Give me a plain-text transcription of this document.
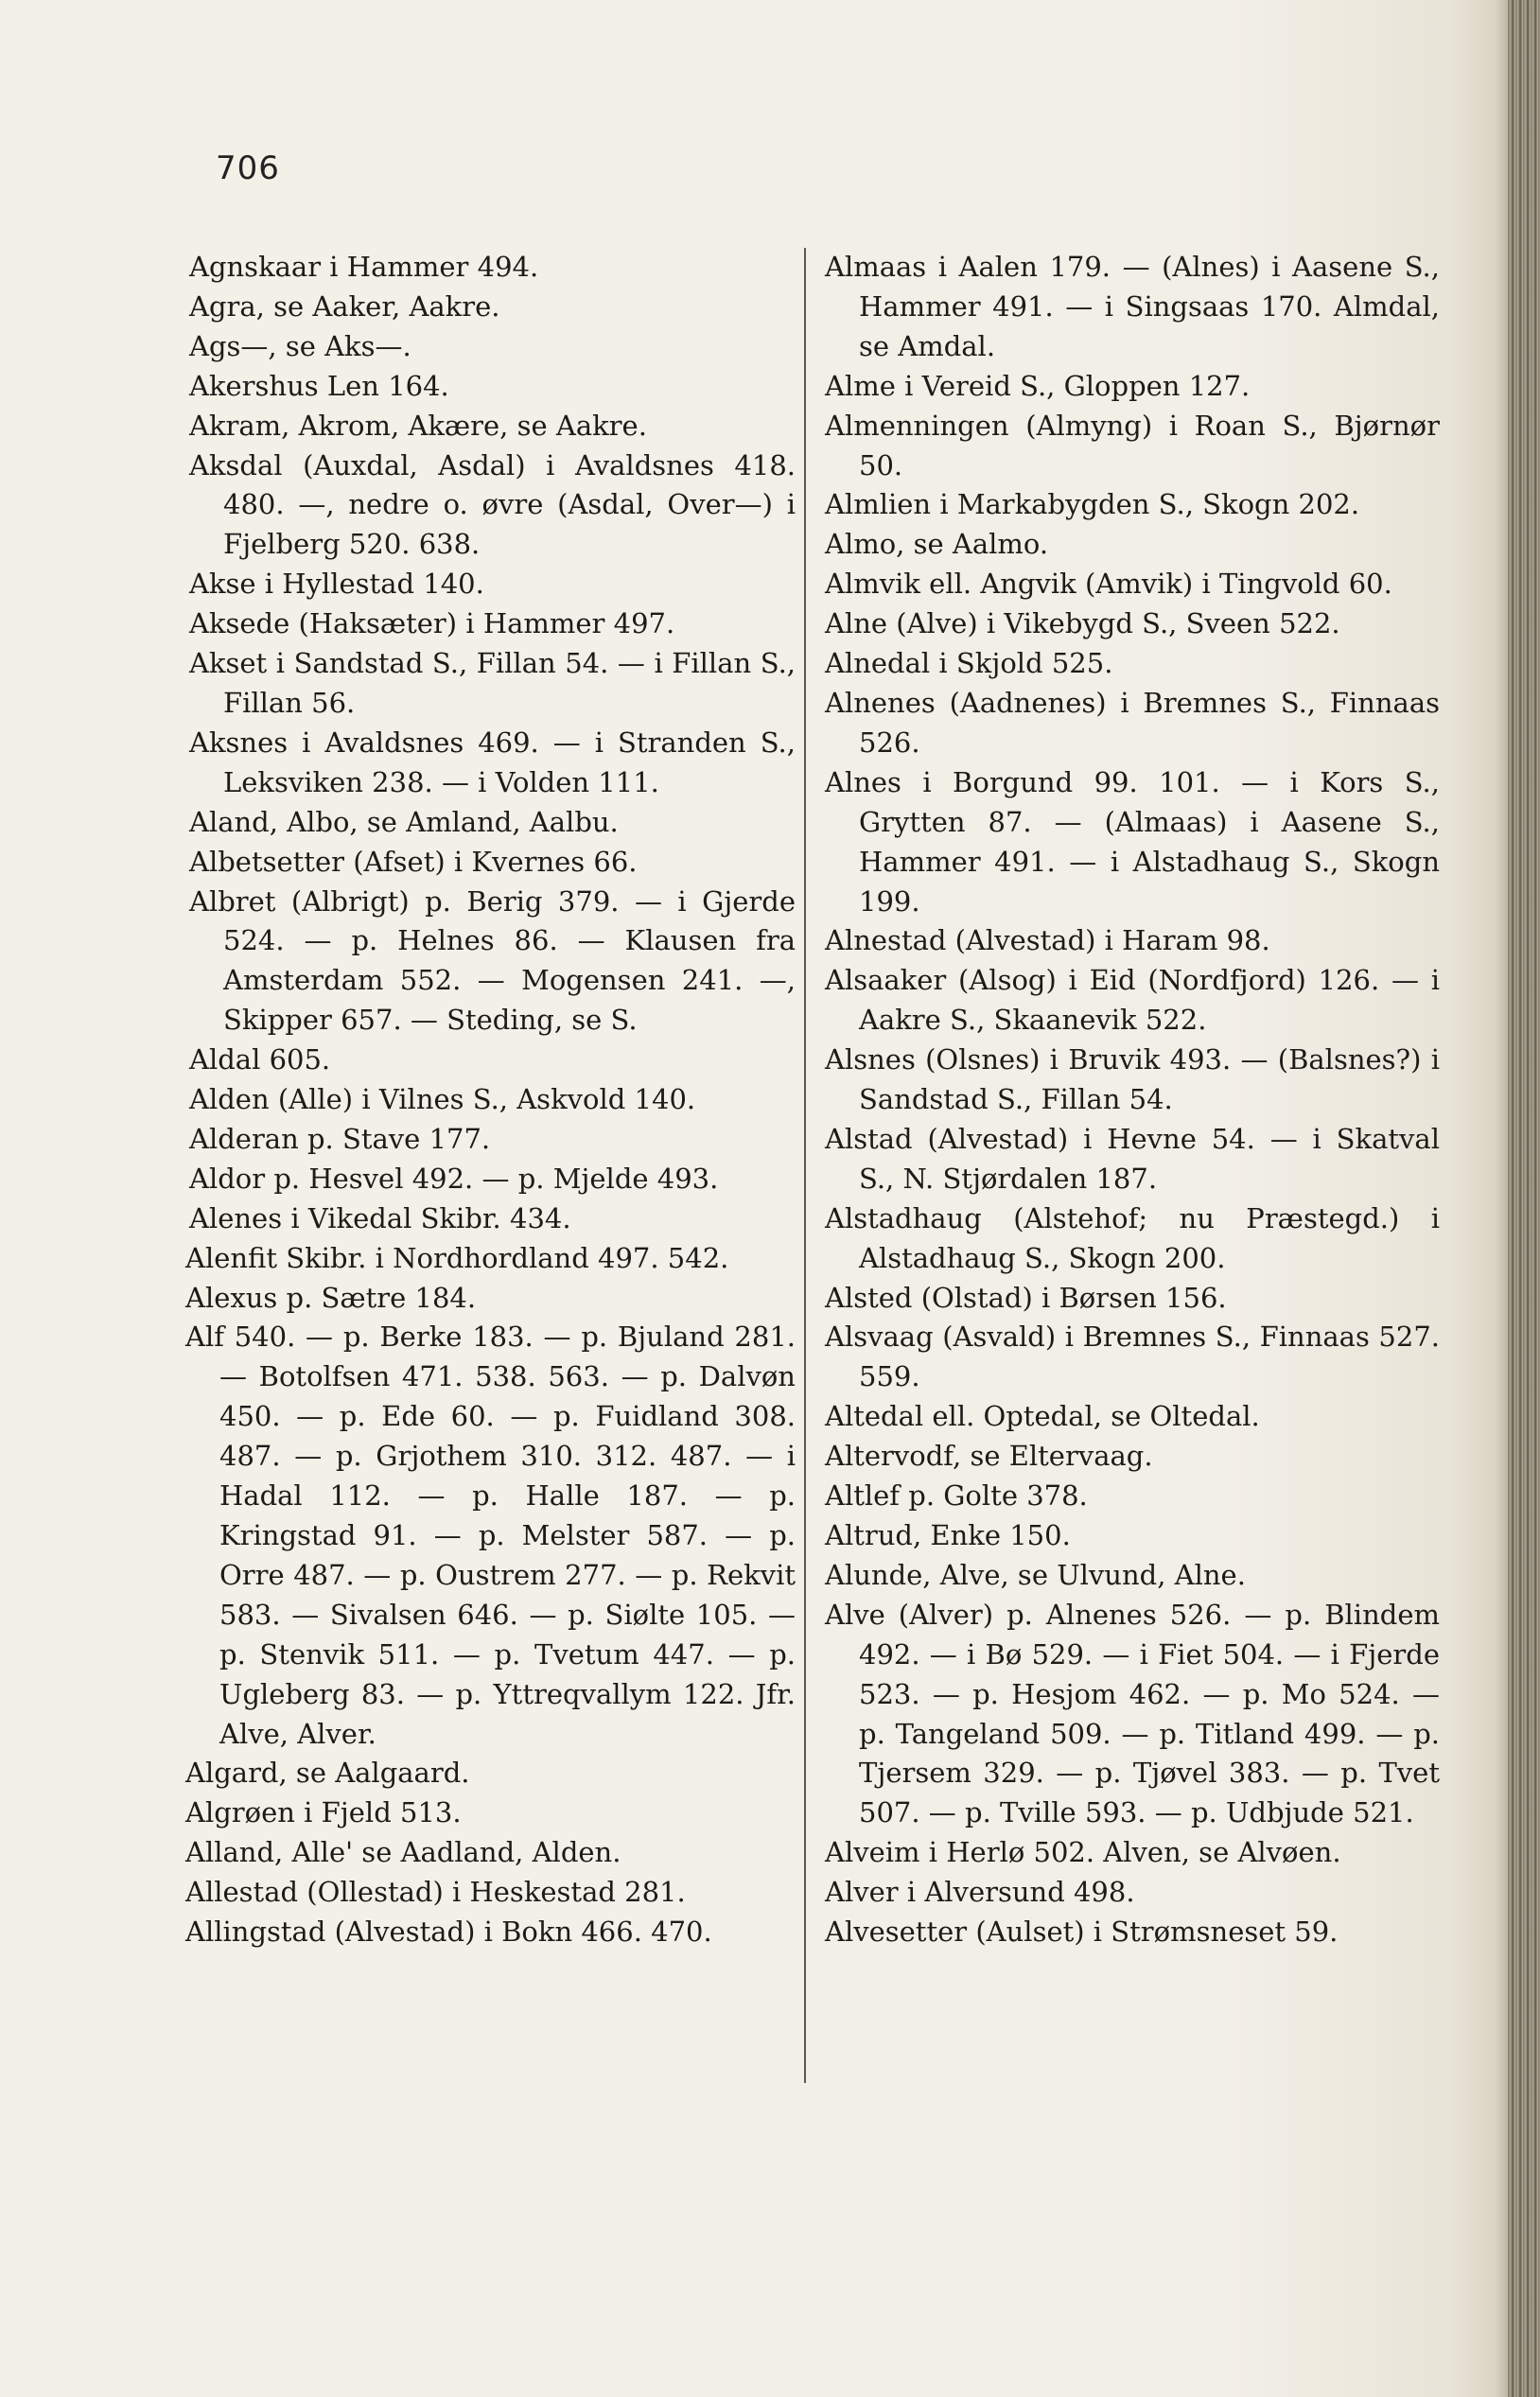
706

Agnskaar i Hammer 494.

Agra, se Aaker, Aakre.

Ags—, se Aks—.

Akershus Len 164.

Akram, Akrom, Akære, se Aakre.

Aksdal (Auxdal, Asdal) i Avaldsnes 418. 480. —, nedre o. øvre (Asdal, Over—) i Fjelberg 520. 638.

Akse i Hyllestad 140.

Aksede (Haksæter) i Hammer 497.

Akset i Sandstad S., Fillan 54. — i Fillan S., Fillan 56.

Aksnes i Avaldsnes 469. — i Stranden S., Leksviken 238. — i Volden 111.

Aland, Albo, se Amland, Aalbu.

Albetsetter (Afset) i Kvernes 66.

Albret (Albrigt) p. Berig 379. — i Gjerde 524. — p. Helnes 86. — Klausen fra Amsterdam 552. — Mogensen 241. —, Skipper 657. — Steding, se S.

Aldal 605.

Alden (Alle) i Vilnes S., Askvold 140.

Alderan p. Stave 177.

Aldor p. Hesvel 492. — p. Mjelde 493.

Alenes i Vikedal Skibr. 434.

Alenfit Skibr. i Nordhordland 497. 542.

Alexus p. Sætre 184.

Alf 540. — p. Berke 183. — p. Bjuland 281. — Botolfsen 471. 538. 563. — p. Dalvøn 450. — p. Ede 60. — p. Fuidland 308. 487. — p. Grjothem 310. 312. 487. — i Hadal 112. — p. Halle 187. — p. Kringstad 91. — p. Melster 587. — p. Orre 487. — p. Oustrem 277. — p. Rekvit 583. — Sivalsen 646. — p. Siølte 105. — p. Stenvik 511. — p. Tvetum 447. — p. Ugleberg 83. — p. Yttreqvallym 122. Jfr. Alve, Alver.

Algard, se Aalgaard.

Algrøen i Fjeld 513.

Alland, Alle' se Aadland, Alden.

Allestad (Ollestad) i Heskestad 281.

Allingstad (Alvestad) i Bokn 466. 470.

Almaas i Aalen 179. — (Alnes) i Aasene S., Hammer 491. — i Singsaas 170. Almdal, se Amdal.

Alme i Vereid S., Gloppen 127.

Almenningen (Almyng) i Roan S., Bjørnør 50.

Almlien i Markabygden S., Skogn 202.

Almo, se Aalmo.

Almvik ell. Angvik (Amvik) i Tingvold 60.

Alne (Alve) i Vikebygd S., Sveen 522.

Alnedal i Skjold 525.

Alnenes (Aadnenes) i Bremnes S., Finnaas 526.

Alnes i Borgund 99. 101. — i Kors S., Grytten 87. — (Almaas) i Aasene S., Hammer 491. — i Alstadhaug S., Skogn 199.

Alnestad (Alvestad) i Haram 98.

Alsaaker (Alsog) i Eid (Nordfjord) 126. — i Aakre S., Skaanevik 522.

Alsnes (Olsnes) i Bruvik 493. — (Balsnes?) i Sandstad S., Fillan 54.

Alstad (Alvestad) i Hevne 54. — i Skatval S., N. Stjørdalen 187.

Alstadhaug (Alstehof; nu Præstegd.) i Alstadhaug S., Skogn 200.

Alsted (Olstad) i Børsen 156.

Alsvaag (Asvald) i Bremnes S., Finnaas 527. 559.

Altedal ell. Optedal, se Oltedal.

Altervodf, se Eltervaag.

Altlef p. Golte 378.

Altrud, Enke 150.

Alunde, Alve, se Ulvund, Alne.

Alve (Alver) p. Alnenes 526. — p. Blindem 492. — i Bø 529. — i Fiet 504. — i Fjerde 523. — p. Hesjom 462. — p. Mo 524. — p. Tangeland 509. — p. Titland 499. — p. Tjersem 329. — p. Tjøvel 383. — p. Tvet 507. — p. Tville 593. — p. Udbjude 521.

Alveim i Herlø 502. Alven, se Alvøen.

Alver i Alversund 498.

Alvesetter (Aulset) i Strømsneset 59.
